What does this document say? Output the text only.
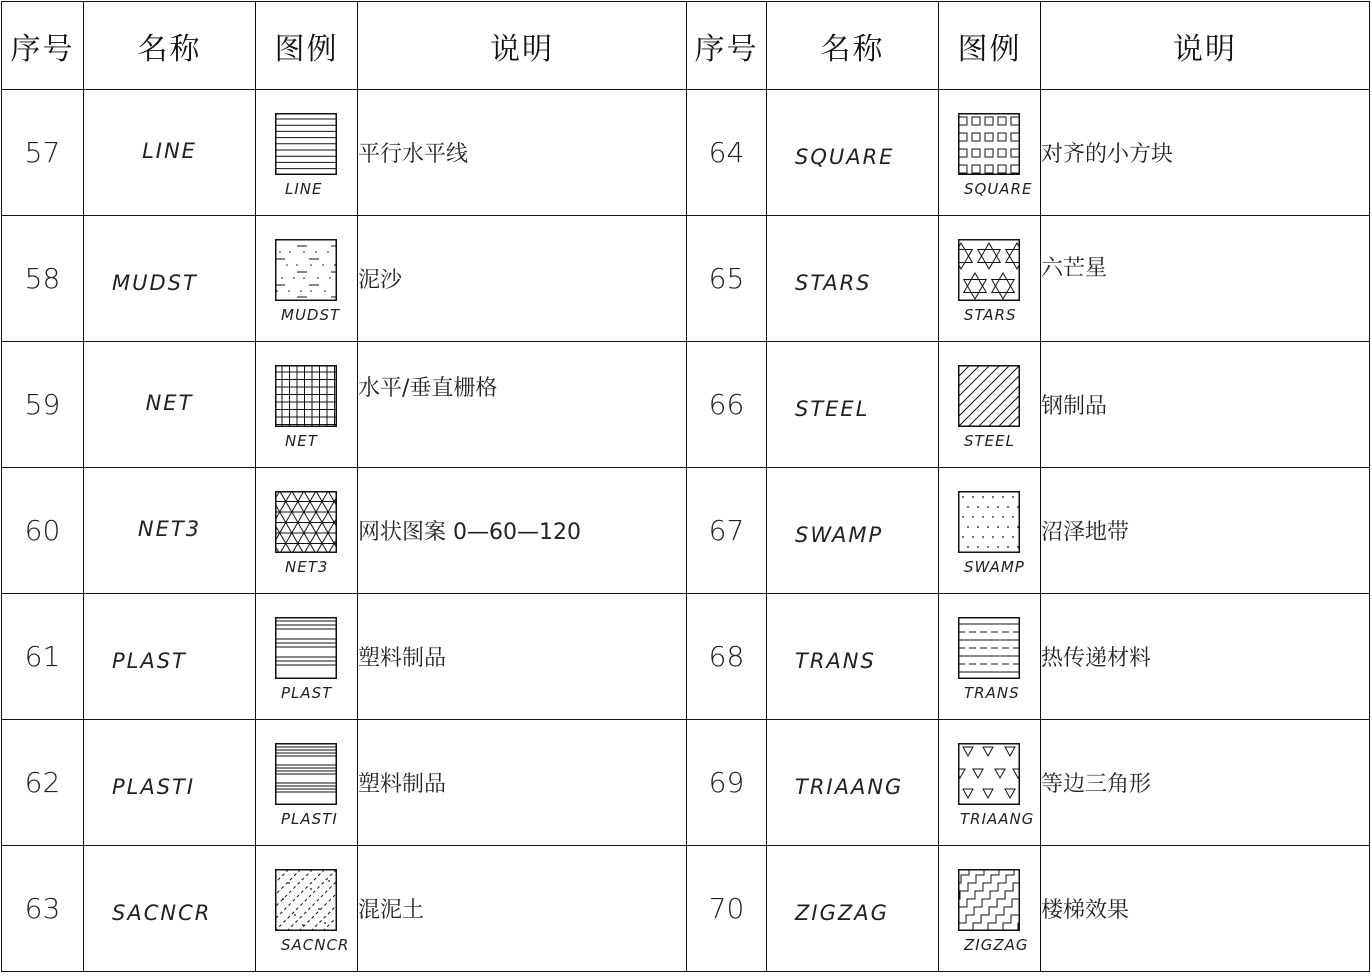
序号	名称	图例	说明	序号	名称	图例	说明
57	LINE	LINE	平行水平线	64	SQUARE	SQUARE	对齐的小方块

58	MUDST	MUDST	泥沙	65	STARS	STARS	六芒星

59	NET	NET	水平/垂直栅格	66	STEEL	STEEL	钢制品

60	NET3	NET3	网状图案 0—60—120	67	SWAMP	SWAMP	沼泽地带

61	PLAST	PLAST	塑料制品	68	TRANS	TRANS	热传递材料

62	PLASTI	PLASTI	塑料制品	69	TRIAANG	TRIAANG	等边三角形

63	SACNCR	SACNCR	混泥土	70	ZIGZAG	ZIGZAG	楼梯效果
